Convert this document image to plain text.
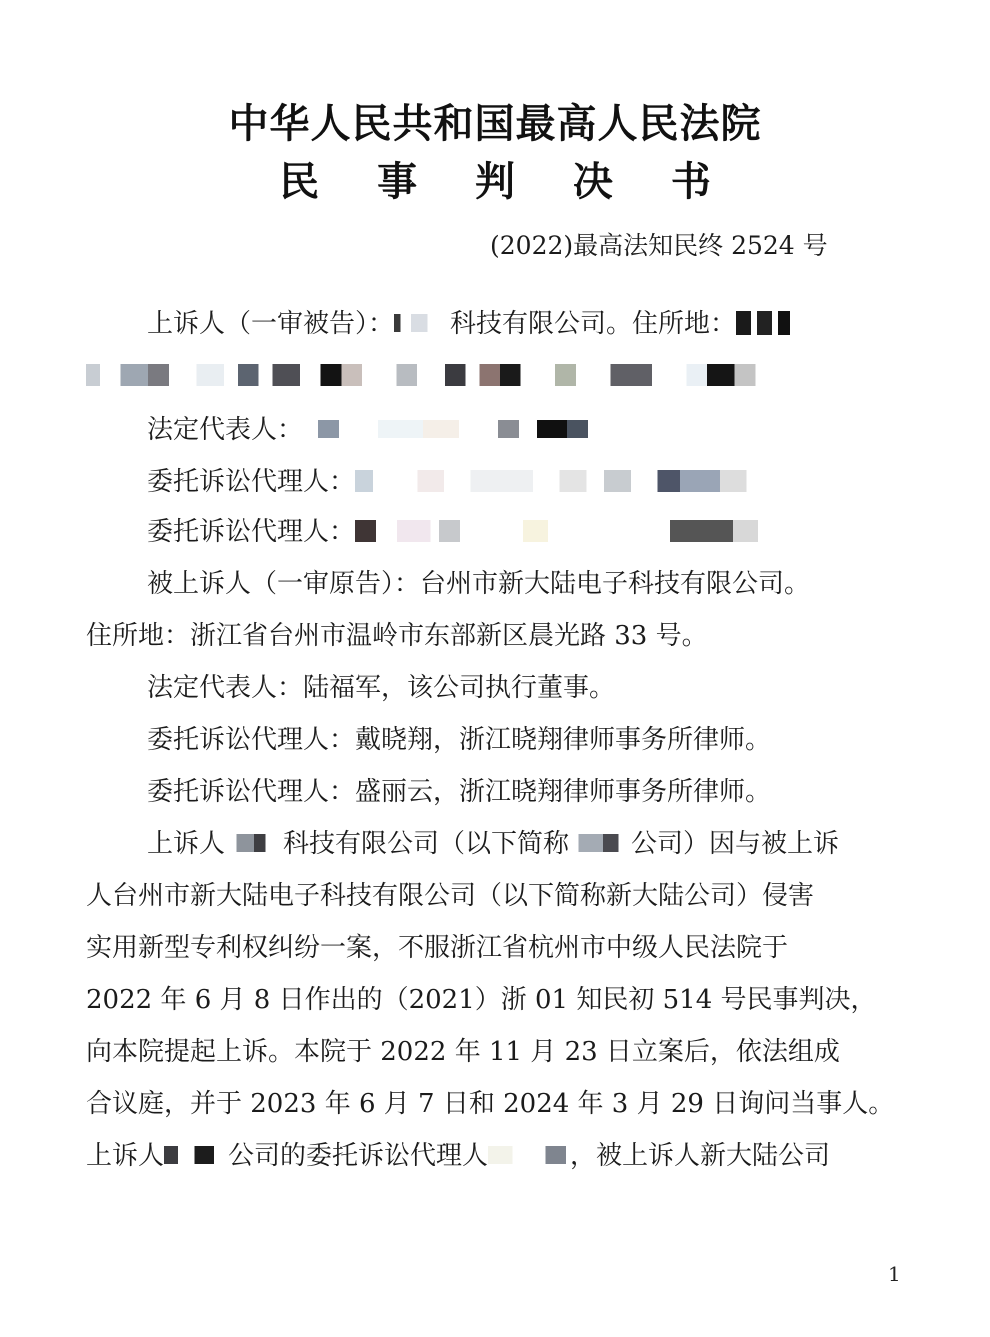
中华人民共和国最高人民法院
民 事 判 决 书
(2022)最高法知民终 2524 号
上诉人（一审被告）： 科技有限公司。住所地：
法定代表人：
委托诉讼代理人：
委托诉讼代理人：
被上诉人（一审原告）：台州市新大陆电子科技有限公司。
住所地：浙江省台州市温岭市东部新区晨光路 33 号。
法定代表人：陆福军，该公司执行董事。
委托诉讼代理人：戴晓翔，浙江晓翔律师事务所律师。
委托诉讼代理人：盛丽云，浙江晓翔律师事务所律师。
上诉人 科技有限公司（以下简称 公司）因与被上诉
人台州市新大陆电子科技有限公司（以下简称新大陆公司）侵害
实用新型专利权纠纷一案，不服浙江省杭州市中级人民法院于
2022 年 6 月 8 日作出的（2021）浙 01 知民初 514 号民事判决，
向本院提起上诉。本院于 2022 年 11 月 23 日立案后，依法组成
合议庭，并于 2023 年 6 月 7 日和 2024 年 3 月 29 日询问当事人。
上诉人 公司的委托诉讼代理人	，被上诉人新大陆公司
1
